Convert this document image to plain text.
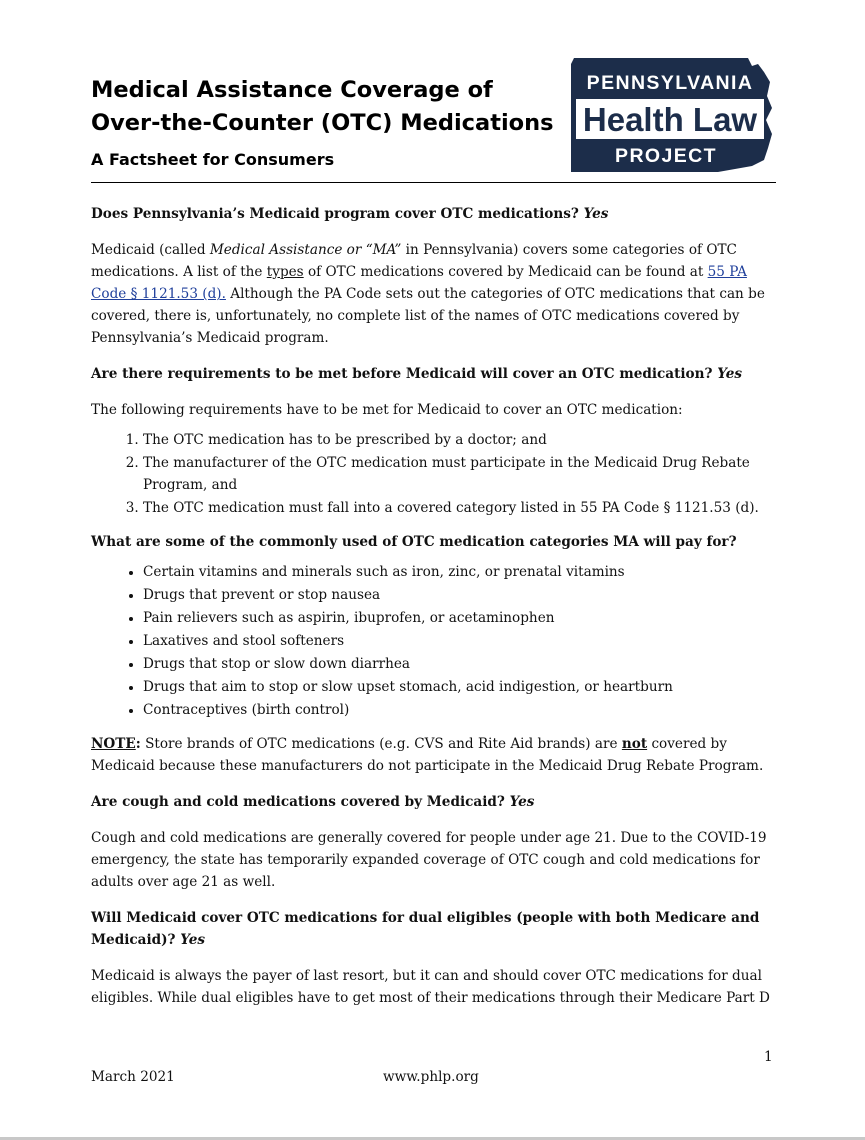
Medical Assistance Coverage of
Over-the-Counter (OTC) Medications
A Factsheet for Consumers
PENNSYLVANIA
Health Law
PROJECT
Does Pennsylvania’s Medicaid program cover OTC medications? Yes

Medicaid (called Medical Assistance or “MA” in Pennsylvania) covers some categories of OTC medications. A list of the types of OTC medications covered by Medicaid can be found at 55 PA Code § 1121.53 (d). Although the PA Code sets out the categories of OTC medications that can be covered, there is, unfortunately, no complete list of the names of OTC medications covered by Pennsylvania’s Medicaid program.

Are there requirements to be met before Medicaid will cover an OTC medication? Yes

The following requirements have to be met for Medicaid to cover an OTC medication:

1. The OTC medication has to be prescribed by a doctor; and
2. The manufacturer of the OTC medication must participate in the Medicaid Drug Rebate Program, and
3. The OTC medication must fall into a covered category listed in 55 PA Code § 1121.53 (d).
What are some of the commonly used of OTC medication categories MA will pay for?
• Certain vitamins and minerals such as iron, zinc, or prenatal vitamins
• Drugs that prevent or stop nausea
• Pain relievers such as aspirin, ibuprofen, or acetaminophen
• Laxatives and stool softeners
• Drugs that stop or slow down diarrhea
• Drugs that aim to stop or slow upset stomach, acid indigestion, or heartburn
• Contraceptives (birth control)

NOTE: Store brands of OTC medications (e.g. CVS and Rite Aid brands) are not covered by Medicaid because these manufacturers do not participate in the Medicaid Drug Rebate Program.

Are cough and cold medications covered by Medicaid? Yes

Cough and cold medications are generally covered for people under age 21. Due to the COVID-19 emergency, the state has temporarily expanded coverage of OTC cough and cold medications for adults over age 21 as well.

Will Medicaid cover OTC medications for dual eligibles (people with both Medicare and Medicaid)? Yes

Medicaid is always the payer of last resort, but it can and should cover OTC medications for dual eligibles. While dual eligibles have to get most of their medications through their Medicare Part D

1
March 2021	www.phlp.org
